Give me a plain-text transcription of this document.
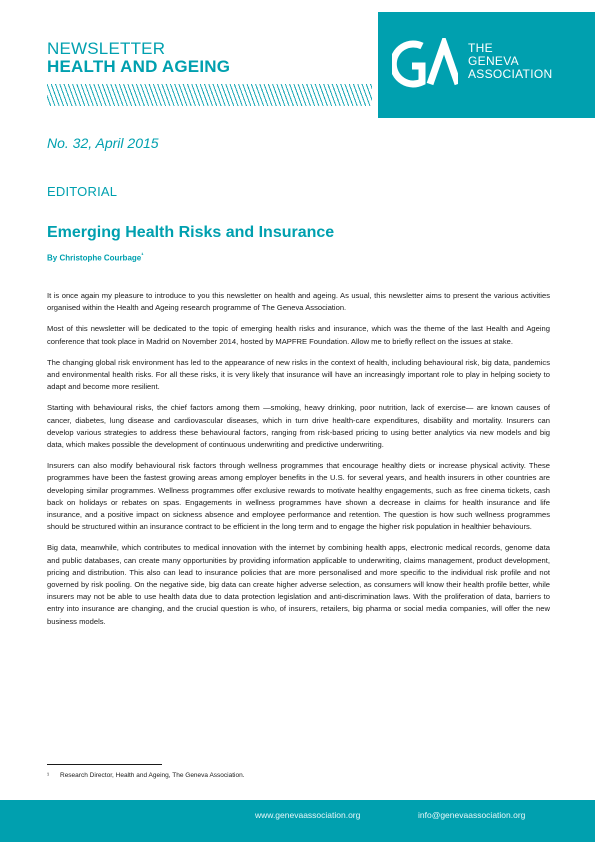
NEWSLETTER
HEALTH AND AGEING
THE
GENEVA
ASSOCIATION
No. 32, April 2015
EDITORIAL
Emerging Health Risks and Insurance
By Christophe Courbage$^{^1}$

It is once again my pleasure to introduce to you this newsletter on health and ageing. As usual, this newsletter aims to present the various activities organised within the Health and Ageing research programme of The Geneva Association.

Most of this newsletter will be dedicated to the topic of emerging health risks and insurance, which was the theme of the last Health and Ageing conference that took place in Madrid on November 2014, hosted by MAPFRE Foundation. Allow me to briefly reflect on the issues at stake.

The changing global risk environment has led to the appearance of new risks in the context of health, including behavioural risk, big data, pandemics and environmental health risks. For all these risks, it is very likely that insurance will have an increasingly important role to play in helping society to adapt and become more resilient.

Starting with behavioural risks, the chief factors among them —smoking, heavy drinking, poor nutrition, lack of exercise— are known causes of cancer, diabetes, lung disease and cardiovascular diseases, which in turn drive health-care expenditures, disability and mortality. Insurers can develop various strategies to address these behavioural factors, ranging from risk-based pricing to using better analytics via new models and big data, which makes possible the development of continuous underwriting and predictive underwriting.

Insurers can also modify behavioural risk factors through wellness programmes that encourage healthy diets or increase physical activity. These programmes have been the fastest growing areas among employer benefits in the U.S. for several years, and health insurers in other countries are developing similar programmes. Wellness programmes offer exclusive rewards to motivate healthy engagements, such as free cinema tickets, cash back on holidays or rebates on spas. Engagements in wellness programmes have shown a decrease in claims for health insurance and life insurance, and a positive impact on sickness absence and employee performance and retention. The question is how such wellness programmes should be structured within an insurance contract to be efficient in the long term and to engage the higher risk population in healthier behaviours.

Big data, meanwhile, which contributes to medical innovation with the internet by combining health apps, electronic medical records, genome data and public databases, can create many opportunities by providing information applicable to underwriting, claims management, product development, pricing and distribution. This also can lead to insurance policies that are more personalised and more specific to the individual risk profile and not governed by risk pooling. On the negative side, big data can create higher adverse selection, as consumers will know their health profile better, while insurers may not be able to use health data due to data protection legislation and anti-discrimination laws. With the proliferation of data, barriers to entry into insurance are changing, and the crucial question is who, of insurers, retailers, big pharma or social media companies, will offer the new business models.

¹ Research Director, Health and Ageing, The Geneva Association.
www.genevaassociation.org	info@genevaassociation.org
